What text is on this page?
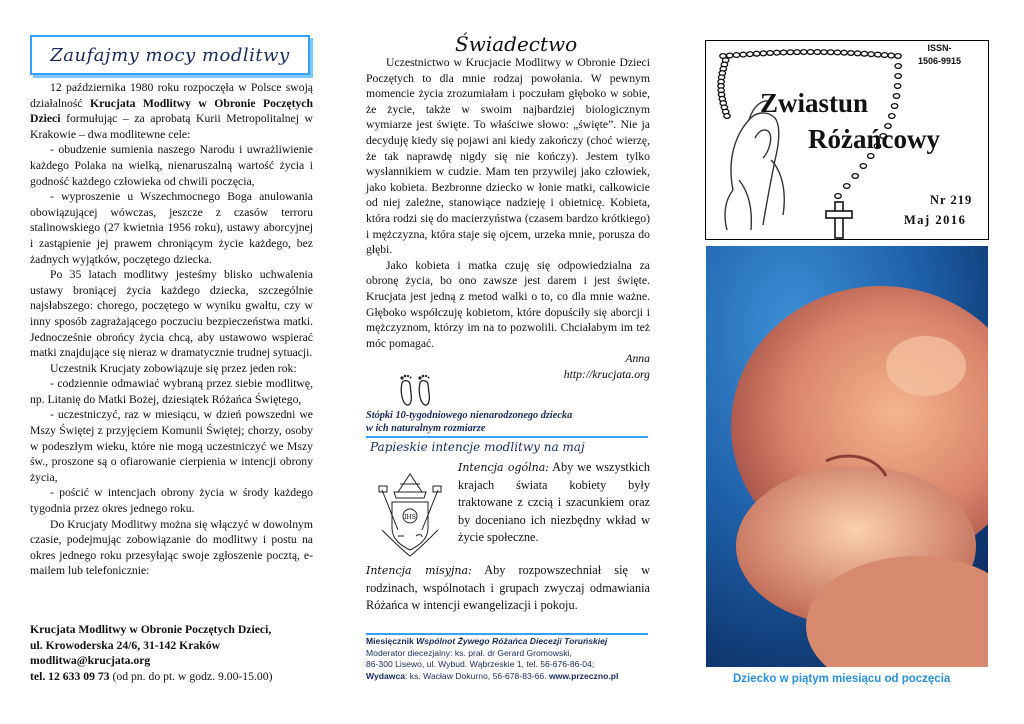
Zaufajmy mocy modlitwy

12 października 1980 roku rozpoczęła w Polsce swoją działalność Krucjata Modlitwy w Obronie Poczętych Dzieci formułując – za aprobatą Kurii Metropolitalnej w Krakowie – dwa modlitewne cele:

- obudzenie sumienia naszego Narodu i uwrażliwienie każdego Polaka na wielką, nienaruszalną wartość życia i godność każdego człowieka od chwili poczęcia,

- wyproszenie u Wszechmocnego Boga anulowania obowiązującej wówczas, jeszcze z czasów terroru stalinowskiego (27 kwietnia 1956 roku), ustawy aborcyjnej i zastąpienie jej prawem chroniącym życie każdego, bez żadnych wyjątków, poczętego dziecka.

Po 35 latach modlitwy jesteśmy blisko uchwalenia ustawy broniącej życia każdego dziecka, szczególnie najsłabszego: chorego, poczętego w wyniku gwałtu, czy w inny sposób zagrażającego poczuciu bezpieczeństwa matki. Jednocześnie obrońcy życia chcą, aby ustawowo wspierać matki znajdujące się nieraz w dramatycznie trudnej sytuacji.

Uczestnik Krucjaty zobowiązuje się przez jeden rok:

- codziennie odmawiać wybraną przez siebie modlitwę, np. Litanię do Matki Bożej, dziesiątek Różańca Świętego,

- uczestniczyć, raz w miesiącu, w dzień powszedni we Mszy Świętej z przyjęciem Komunii Świętej; chorzy, osoby w podeszłym wieku, które nie mogą uczestniczyć we Mszy św., proszone są o ofiarowanie cierpienia w intencji obrony życia,

- pościć w intencjach obrony życia w środy każdego tygodnia przez okres jednego roku.

Do Krucjaty Modlitwy można się włączyć w dowolnym czasie, podejmując zobowiązanie do modlitwy i postu na okres jednego roku przesyłając swoje zgłoszenie pocztą, e-mailem lub telefonicznie:

Krucjata Modlitwy w Obronie Poczętych Dzieci,

ul. Krowoderska 24/6, 31-142 Kraków

modlitwa@krucjata.org

tel. 12 633 09 73 (od pn. do pt. w godz. 9.00-15.00)

Świadectwo

Uczestnictwo w Krucjacie Modlitwy w Obronie Dzieci Poczętych to dla mnie rodzaj powołania. W pewnym momencie życia zrozumiałam i poczułam głęboko w sobie, że życie, także w swoim najbardziej biologicznym wymiarze jest święte. To właściwe słowo: „święte”. Nie ja decyduję kiedy się pojawi ani kiedy zakończy (choć wierzę, że tak naprawdę nigdy się nie kończy). Jestem tylko wysłannikiem w cudzie. Mam ten przywilej jako człowiek, jako kobieta. Bezbronne dziecko w łonie matki, całkowicie od niej zależne, stanowiące nadzieję i obietnicę. Kobieta, która rodzi się do macierzyństwa (czasem bardzo krótkiego) i mężczyzna, która staje się ojcem, urzeka mnie, porusza do głębi.

Jako kobieta i matka czuję się odpowiedzialna za obronę życia, bo ono zawsze jest darem i jest święte. Krucjata jest jedną z metod walki o to, co dla mnie ważne. Głęboko współczuję kobietom, które dopuściły się aborcji i mężczyznom, którzy im na to pozwolili. Chciałabym im też móc pomagać.

Anna

http://krucjata.org

Stópki 10-tygodniowego nienarodzonego dziecka
w ich naturalnym rozmiarze
Papieskie intencje modlitwy na maj
IHS
Intencja ogólna: Aby we wszystkich krajach świata kobiety były traktowane z czcią i szacunkiem oraz by doceniano ich niezbędny wkład w życie społeczne.
Intencja misyjna: Aby rozpowszechniał się w rodzinach, wspólnotach i grupach zwyczaj odmawiania Różańca w intencji ewangelizacji i pokoju.
Miesięcznik Wspólnot Żywego Różańca Diecezji Toruńskiej
Moderator diecezjalny: ks. prał. dr Gerard Gromowski,
86-300 Lisewo, ul. Wybud. Wąbrzeskie 1, tel. 56-676-86-04;
Wydawca: ks. Wacław Dokurno, 56-678-83-66. www.przeczno.pl
ISSN-
1506-9915
Zwiastun
Różańcowy
Nr 219
Maj 2016
Dziecko w piątym miesiącu od poczęcia
